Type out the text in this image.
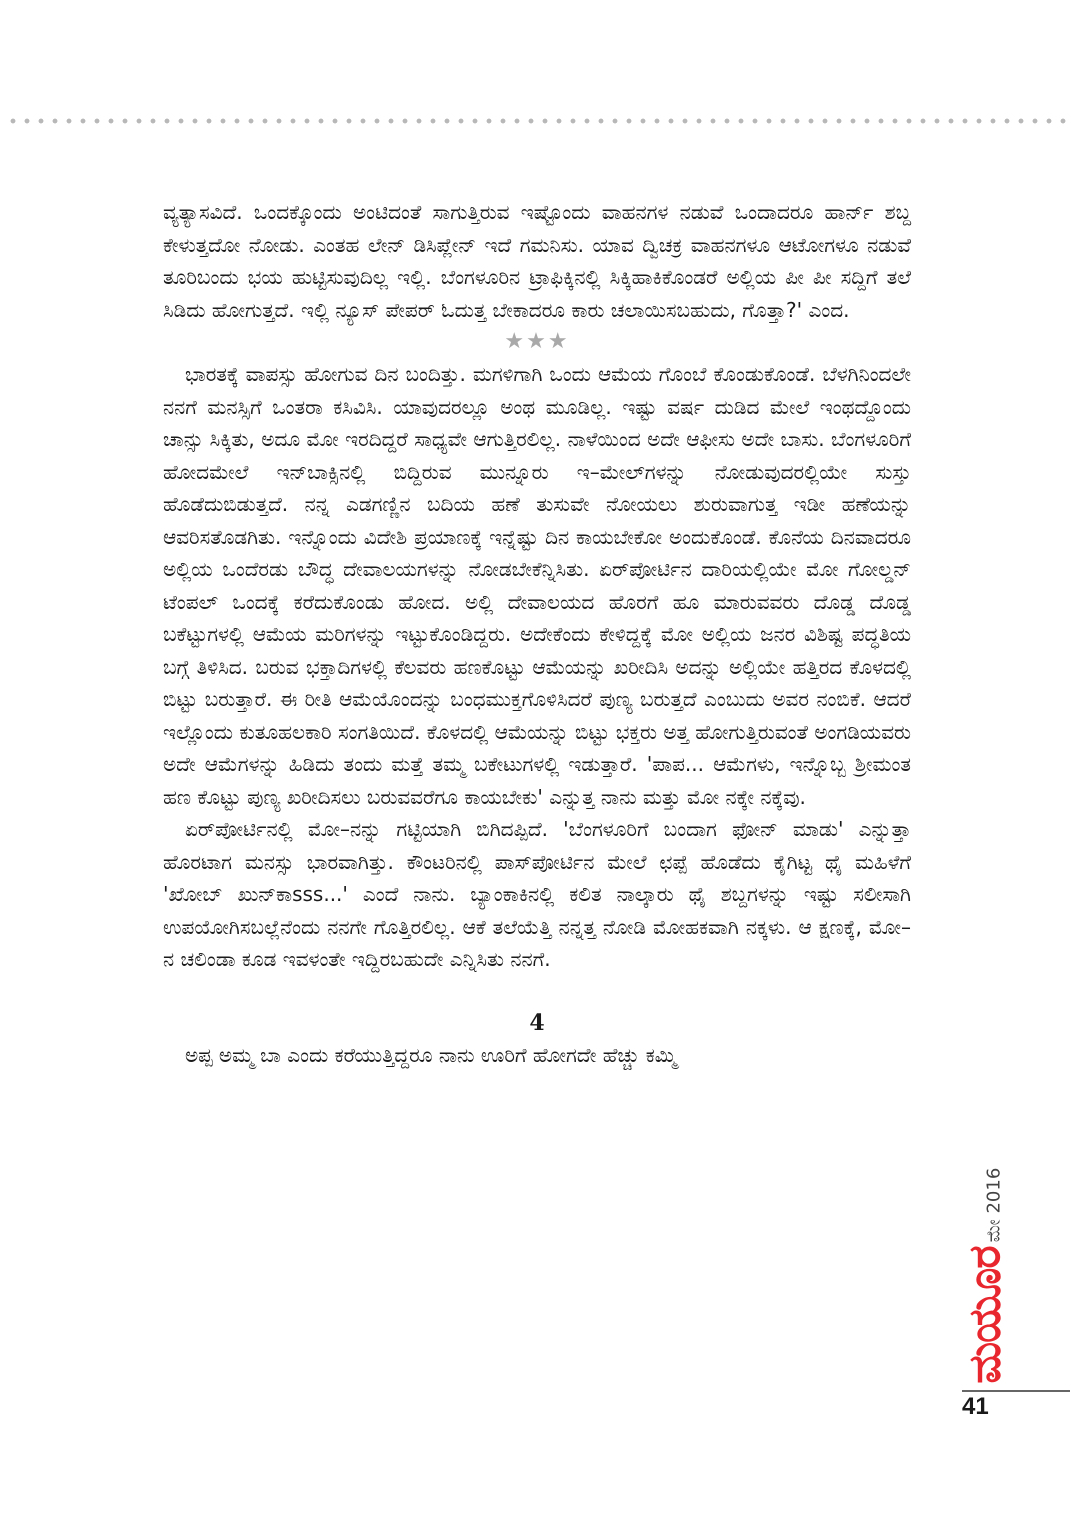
ವ್ಯತ್ಯಾಸವಿದೆ. ಒಂದಕ್ಕೊಂದು ಅಂಟಿದಂತೆ ಸಾಗುತ್ತಿರುವ ಇಷ್ಟೊಂದು ವಾಹನಗಳ ನಡುವೆ ಒಂದಾದರೂ ಹಾರ್ನ್ ಶಬ್ದ ಕೇಳುತ್ತದೋ ನೋಡು. ಎಂತಹ ಲೇನ್ ಡಿಸಿಪ್ಲೇನ್ ಇದೆ ಗಮನಿಸು. ಯಾವ ದ್ವಿಚಕ್ರ ವಾಹನಗಳೂ ಆಟೋಗಳೂ ನಡುವೆ ತೂರಿಬಂದು ಭಯ ಹುಟ್ಟಿಸುವುದಿಲ್ಲ ಇಲ್ಲಿ. ಬೆಂಗಳೂರಿನ ಟ್ರಾಫಿಕ್ಕಿನಲ್ಲಿ ಸಿಕ್ಕಿಹಾಕಿಕೊಂಡರೆ ಅಲ್ಲಿಯ ಪೀ ಪೀ ಸದ್ದಿಗೆ ತಲೆ ಸಿಡಿದು ಹೋಗುತ್ತದೆ. ಇಲ್ಲಿ ನ್ಯೂಸ್ ಪೇಪರ್ ಓದುತ್ತ ಬೇಕಾದರೂ ಕಾರು ಚಲಾಯಿಸಬಹುದು, ಗೊತ್ತಾ?' ಎಂದ.

★★★

ಭಾರತಕ್ಕೆ ವಾಪಸ್ಸು ಹೋಗುವ ದಿನ ಬಂದಿತ್ತು. ಮಗಳಿಗಾಗಿ ಒಂದು ಆಮೆಯ ಗೊಂಬೆ ಕೊಂಡುಕೊಂಡೆ. ಬೆಳಗಿನಿಂದಲೇ ನನಗೆ ಮನಸ್ಸಿಗೆ ಒಂತರಾ ಕಸಿವಿಸಿ. ಯಾವುದರಲ್ಲೂ ಅಂಥ ಮೂಡಿಲ್ಲ. ಇಷ್ಟು ವರ್ಷ ದುಡಿದ ಮೇಲೆ ಇಂಥದ್ದೊಂದು ಚಾನ್ಸು ಸಿಕ್ಕಿತು, ಅದೂ ಮೋ ಇರದಿದ್ದರೆ ಸಾಧ್ಯವೇ ಆಗುತ್ತಿರಲಿಲ್ಲ. ನಾಳೆಯಿಂದ ಅದೇ ಆಫೀಸು ಅದೇ ಬಾಸು. ಬೆಂಗಳೂರಿಗೆ ಹೋದಮೇಲೆ ಇನ್‌ಬಾಕ್ಸಿನಲ್ಲಿ ಬಿದ್ದಿರುವ ಮುನ್ನೂರು ಇ–ಮೇಲ್‌ಗಳನ್ನು ನೋಡುವುದರಲ್ಲಿಯೇ ಸುಸ್ತು ಹೊಡೆದುಬಿಡುತ್ತದೆ. ನನ್ನ ಎಡಗಣ್ಣಿನ ಬದಿಯ ಹಣೆ ತುಸುವೇ ನೋಯಲು ಶುರುವಾಗುತ್ತ ಇಡೀ ಹಣೆಯನ್ನು ಆವರಿಸತೊಡಗಿತು. ಇನ್ನೊಂದು ವಿದೇಶಿ ಪ್ರಯಾಣಕ್ಕೆ ಇನ್ನೆಷ್ಟು ದಿನ ಕಾಯಬೇಕೋ ಅಂದುಕೊಂಡೆ. ಕೊನೆಯ ದಿನವಾದರೂ ಅಲ್ಲಿಯ ಒಂದೆರಡು ಬೌದ್ಧ ದೇವಾಲಯಗಳನ್ನು ನೋಡಬೇಕೆನ್ನಿಸಿತು. ಏರ್‌ಪೋರ್ಟಿನ ದಾರಿಯಲ್ಲಿಯೇ ಮೋ ಗೋಲ್ಡನ್ ಟೆಂಪಲ್ ಒಂದಕ್ಕೆ ಕರೆದುಕೊಂಡು ಹೋದ. ಅಲ್ಲಿ ದೇವಾಲಯದ ಹೊರಗೆ ಹೂ ಮಾರುವವರು ದೊಡ್ಡ ದೊಡ್ಡ ಬಕೆಟ್ಟುಗಳಲ್ಲಿ ಆಮೆಯ ಮರಿಗಳನ್ನು ಇಟ್ಟುಕೊಂಡಿದ್ದರು. ಅದೇಕೆಂದು ಕೇಳಿದ್ದಕ್ಕೆ ಮೋ ಅಲ್ಲಿಯ ಜನರ ವಿಶಿಷ್ಟ ಪದ್ಧತಿಯ ಬಗ್ಗೆ ತಿಳಿಸಿದ. ಬರುವ ಭಕ್ತಾದಿಗಳಲ್ಲಿ ಕೆಲವರು ಹಣಕೊಟ್ಟು ಆಮೆಯನ್ನು ಖರೀದಿಸಿ ಅದನ್ನು ಅಲ್ಲಿಯೇ ಹತ್ತಿರದ ಕೊಳದಲ್ಲಿ ಬಿಟ್ಟು ಬರುತ್ತಾರೆ. ಈ ರೀತಿ ಆಮೆಯೊಂದನ್ನು ಬಂಧಮುಕ್ತಗೊಳಿಸಿದರೆ ಪುಣ್ಯ ಬರುತ್ತದೆ ಎಂಬುದು ಅವರ ನಂಬಿಕೆ. ಆದರೆ ಇಲ್ಲೊಂದು ಕುತೂಹಲಕಾರಿ ಸಂಗತಿಯಿದೆ. ಕೊಳದಲ್ಲಿ ಆಮೆಯನ್ನು ಬಿಟ್ಟು ಭಕ್ತರು ಅತ್ತ ಹೋಗುತ್ತಿರುವಂತೆ ಅಂಗಡಿಯವರು ಅದೇ ಆಮೆಗಳನ್ನು ಹಿಡಿದು ತಂದು ಮತ್ತೆ ತಮ್ಮ ಬಕೇಟುಗಳಲ್ಲಿ ಇಡುತ್ತಾರೆ. 'ಪಾಪ... ಆಮೆಗಳು, ಇನ್ನೊಬ್ಬ ಶ್ರೀಮಂತ ಹಣ ಕೊಟ್ಟು ಪುಣ್ಯ ಖರೀದಿಸಲು ಬರುವವರೆಗೂ ಕಾಯಬೇಕು' ಎನ್ನುತ್ತ ನಾನು ಮತ್ತು ಮೋ ನಕ್ಕೇ ನಕ್ಕೆವು.

ಏರ್‌ಪೋರ್ಟಿನಲ್ಲಿ ಮೋ–ನನ್ನು ಗಟ್ಟಿಯಾಗಿ ಬಿಗಿದಪ್ಪಿದೆ. 'ಬೆಂಗಳೂರಿಗೆ ಬಂದಾಗ ಫೋನ್ ಮಾಡು' ಎನ್ನುತ್ತಾ ಹೊರಟಾಗ ಮನಸ್ಸು ಭಾರವಾಗಿತ್ತು. ಕೌಂಟರಿನಲ್ಲಿ ಪಾಸ್‌ಪೋರ್ಟಿನ ಮೇಲೆ ಛಪ್ಪೆ ಹೊಡೆದು ಕೈಗಿಟ್ಟ ಥೈ ಮಹಿಳೆಗೆ 'ಖೋಬ್ ಖುನ್‌ಕಾsss...' ಎಂದೆ ನಾನು. ಬ್ಯಾಂಕಾಕಿನಲ್ಲಿ ಕಲಿತ ನಾಲ್ಕಾರು ಥೈ ಶಬ್ದಗಳನ್ನು ಇಷ್ಟು ಸಲೀಸಾಗಿ ಉಪಯೋಗಿಸಬಲ್ಲೆನೆಂದು ನನಗೇ ಗೊತ್ತಿರಲಿಲ್ಲ. ಆಕೆ ತಲೆಯೆತ್ತಿ ನನ್ನತ್ತ ನೋಡಿ ಮೋಹಕವಾಗಿ ನಕ್ಕಳು. ಆ ಕ್ಷಣಕ್ಕೆ, ಮೋ– ನ ಚಲಿಂಡಾ ಕೂಡ ಇವಳಂತೇ ಇದ್ದಿರಬಹುದೇ ಎನ್ನಿಸಿತು ನನಗೆ.

4

ಅಪ್ಪ ಅಮ್ಮ ಬಾ ಎಂದು ಕರೆಯುತ್ತಿದ್ದರೂ ನಾನು ಊರಿಗೆ ಹೋಗದೇ ಹೆಚ್ಚು ಕಮ್ಮಿ

ಮೇ 2016
ಮಯೂರ
41
